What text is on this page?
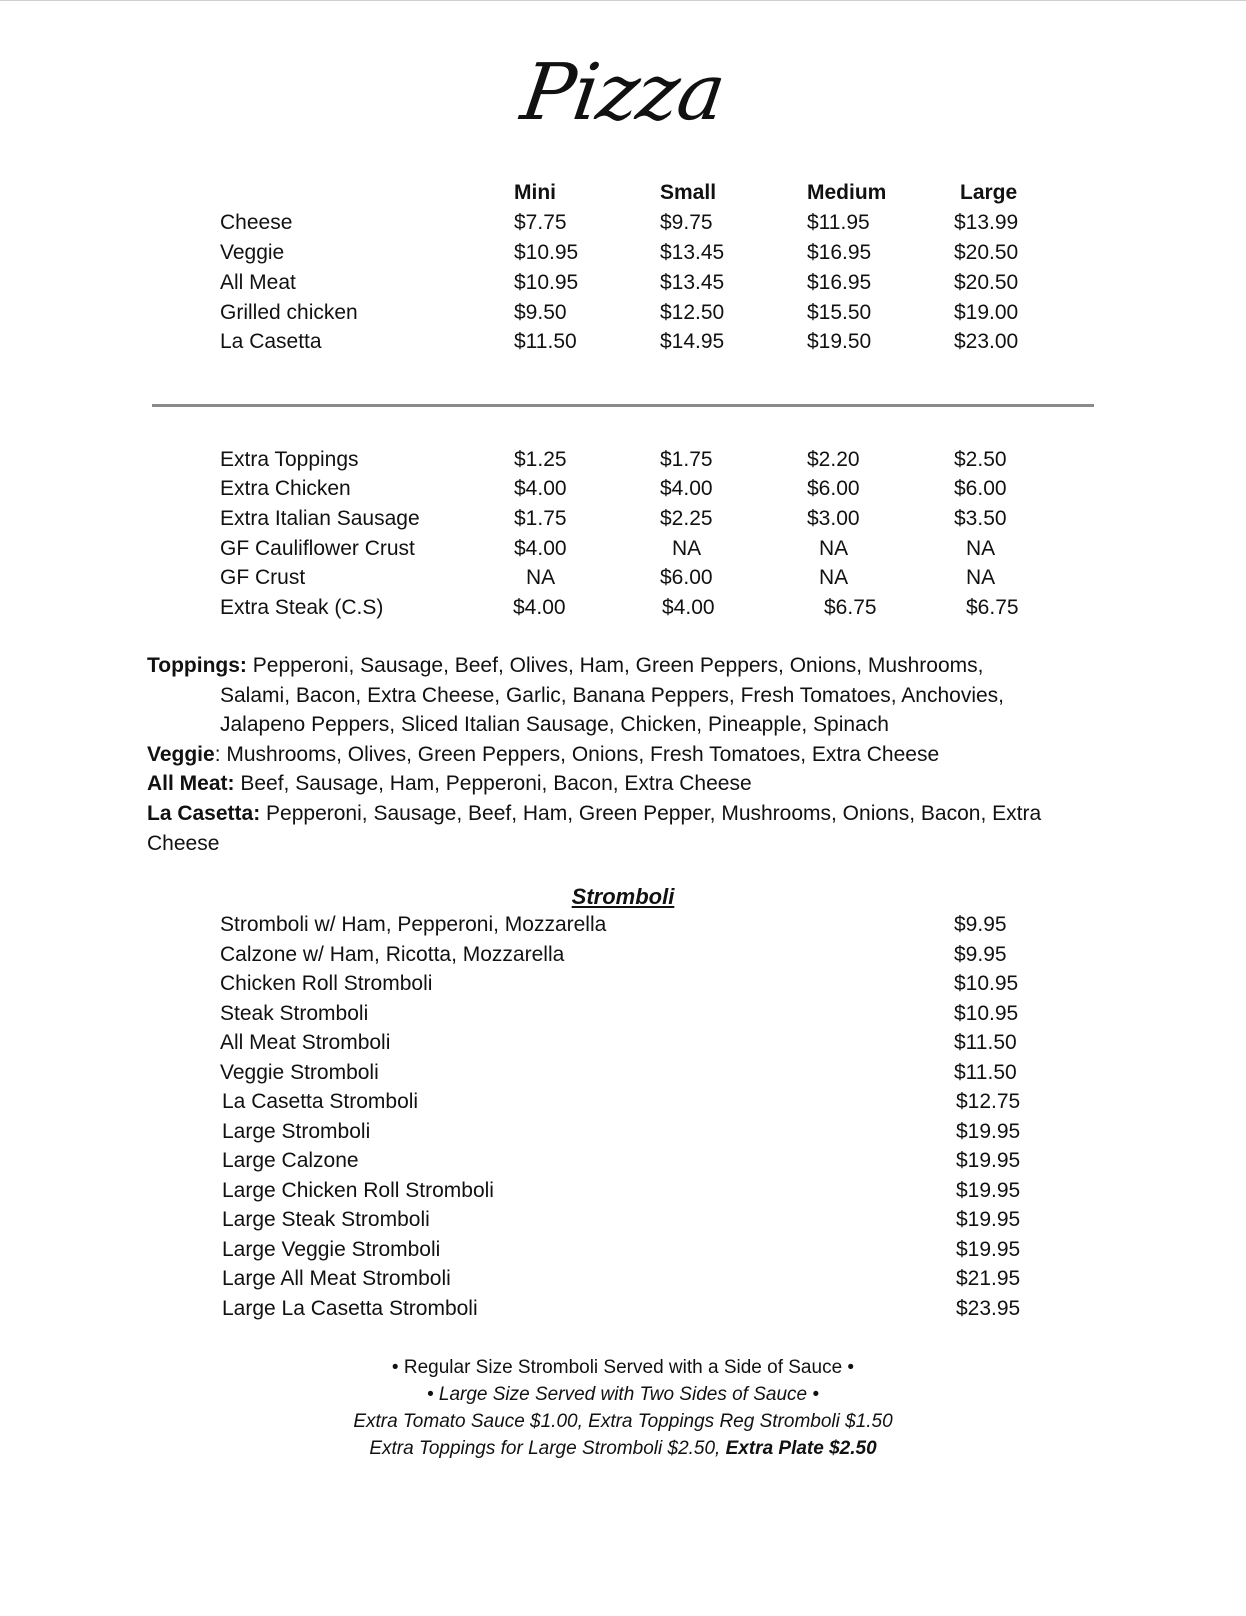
Pizza
Mini	Small	Medium	Large
Cheese	$7.75	$9.75	$11.95	$13.99
Veggie	$10.95	$13.45	$16.95	$20.50
All Meat	$10.95	$13.45	$16.95	$20.50
Grilled chicken	$9.50	$12.50	$15.50	$19.00
La Casetta	$11.50	$14.95	$19.50	$23.00
Extra Toppings	$1.25	$1.75	$2.20	$2.50
Extra Chicken	$4.00	$4.00	$6.00	$6.00
Extra Italian Sausage	$1.75	$2.25	$3.00	$3.50
GF Cauliflower Crust	$4.00	NA	NA	NA
GF Crust	NA	$6.00	NA	NA
Extra Steak (C.S)	$4.00	$4.00	$6.75	$6.75

Toppings: Pepperoni, Sausage, Beef, Olives, Ham, Green Peppers, Onions, Mushrooms,

Salami, Bacon, Extra Cheese, Garlic, Banana Peppers, Fresh Tomatoes, Anchovies,

Jalapeno Peppers, Sliced Italian Sausage, Chicken, Pineapple, Spinach

Veggie: Mushrooms, Olives, Green Peppers, Onions, Fresh Tomatoes, Extra Cheese

All Meat: Beef, Sausage, Ham, Pepperoni, Bacon, Extra Cheese

La Casetta: Pepperoni, Sausage, Beef, Ham, Green Pepper, Mushrooms, Onions, Bacon, Extra Cheese

Stromboli
Stromboli w/ Ham, Pepperoni, Mozzarella	$9.95
Calzone w/ Ham, Ricotta, Mozzarella	$9.95
Chicken Roll Stromboli	$10.95
Steak Stromboli	$10.95
All Meat Stromboli	$11.50
Veggie Stromboli	$11.50
La Casetta Stromboli	$12.75
Large Stromboli	$19.95
Large Calzone	$19.95
Large Chicken Roll Stromboli	$19.95
Large Steak Stromboli	$19.95
Large Veggie Stromboli	$19.95
Large All Meat Stromboli	$21.95
Large La Casetta Stromboli	$23.95

• Regular Size Stromboli Served with a Side of Sauce •

• Large Size Served with Two Sides of Sauce •

Extra Tomato Sauce $1.00, Extra Toppings Reg Stromboli $1.50

Extra Toppings for Large Stromboli $2.50, Extra Plate $2.50
